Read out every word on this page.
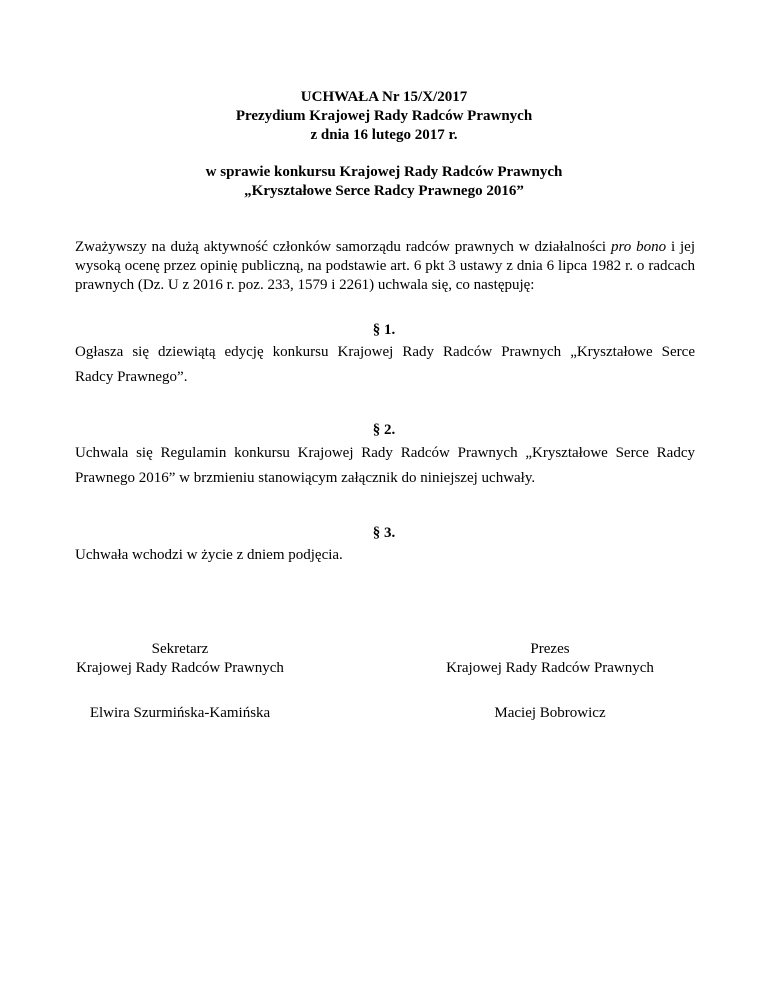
UCHWAŁA Nr 15/X/2017
Prezydium Krajowej Rady Radców Prawnych
z dnia 16 lutego 2017 r.
w sprawie konkursu Krajowej Rady Radców Prawnych
„Kryształowe Serce Radcy Prawnego 2016”
Zważywszy na dużą aktywność członków samorządu radców prawnych w działalności pro bono i jej wysoką ocenę przez opinię publiczną, na podstawie art. 6 pkt 3 ustawy z dnia 6 lipca 1982 r. o radcach prawnych (Dz. U z 2016 r. poz. 233, 1579 i 2261) uchwala się, co następuję:
§ 1.
Ogłasza się dziewiątą edycję konkursu Krajowej Rady Radców Prawnych „Kryształowe Serce
Radcy Prawnego”.
§ 2.
Uchwala się Regulamin konkursu Krajowej Rady Radców Prawnych „Kryształowe Serce Radcy
Prawnego 2016” w brzmieniu stanowiącym załącznik do niniejszej uchwały.
§ 3.
Uchwała wchodzi w życie z dniem podjęcia.
Sekretarz
Krajowej Rady Radców Prawnych
Elwira Szurmińska-Kamińska
Prezes
Krajowej Rady Radców Prawnych
Maciej Bobrowicz
